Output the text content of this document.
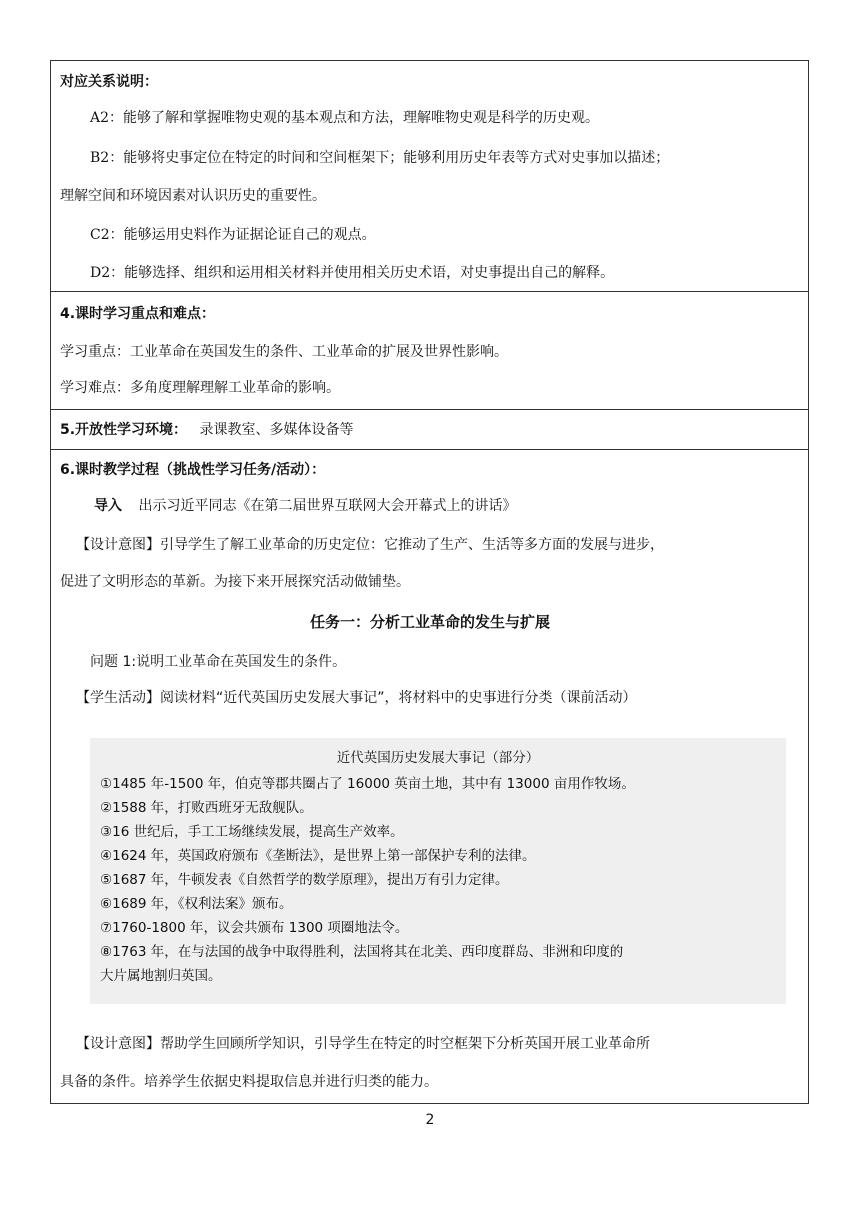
对应关系说明：
A2：能够了解和掌握唯物史观的基本观点和方法，理解唯物史观是科学的历史观。
B2：能够将史事定位在特定的时间和空间框架下；能够利用历史年表等方式对史事加以描述；
理解空间和环境因素对认识历史的重要性。
C2：能够运用史料作为证据论证自己的观点。
D2：能够选择、组织和运用相关材料并使用相关历史术语，对史事提出自己的解释。
4.课时学习重点和难点：
学习重点：工业革命在英国发生的条件、工业革命的扩展及世界性影响。
学习难点：多角度理解理解工业革命的影响。
5.开放性学习环境： 录课教室、多媒体设备等
6.课时教学过程（挑战性学习任务/活动）：
导入 出示习近平同志《在第二届世界互联网大会开幕式上的讲话》
【设计意图】引导学生了解工业革命的历史定位：它推动了生产、生活等多方面的发展与进步，
促进了文明形态的革新。为接下来开展探究活动做铺垫。
任务一：分析工业革命的发生与扩展
问题 1:说明工业革命在英国发生的条件。
【学生活动】阅读材料“近代英国历史发展大事记”，将材料中的史事进行分类（课前活动）
近代英国历史发展大事记（部分）
①1485 年-1500 年，伯克等郡共圈占了 16000 英亩土地，其中有 13000 亩用作牧场。
②1588 年，打败西班牙无敌舰队。
③16 世纪后，手工工场继续发展，提高生产效率。
④1624 年，英国政府颁布《垄断法》，是世界上第一部保护专利的法律。
⑤1687 年，牛顿发表《自然哲学的数学原理》，提出万有引力定律。
⑥1689 年，《权利法案》颁布。
⑦1760-1800 年，议会共颁布 1300 项圈地法令。
⑧1763 年，在与法国的战争中取得胜利，法国将其在北美、西印度群岛、非洲和印度的
大片属地割归英国。
【设计意图】帮助学生回顾所学知识，引导学生在特定的时空框架下分析英国开展工业革命所
具备的条件。培养学生依据史料提取信息并进行归类的能力。
2
